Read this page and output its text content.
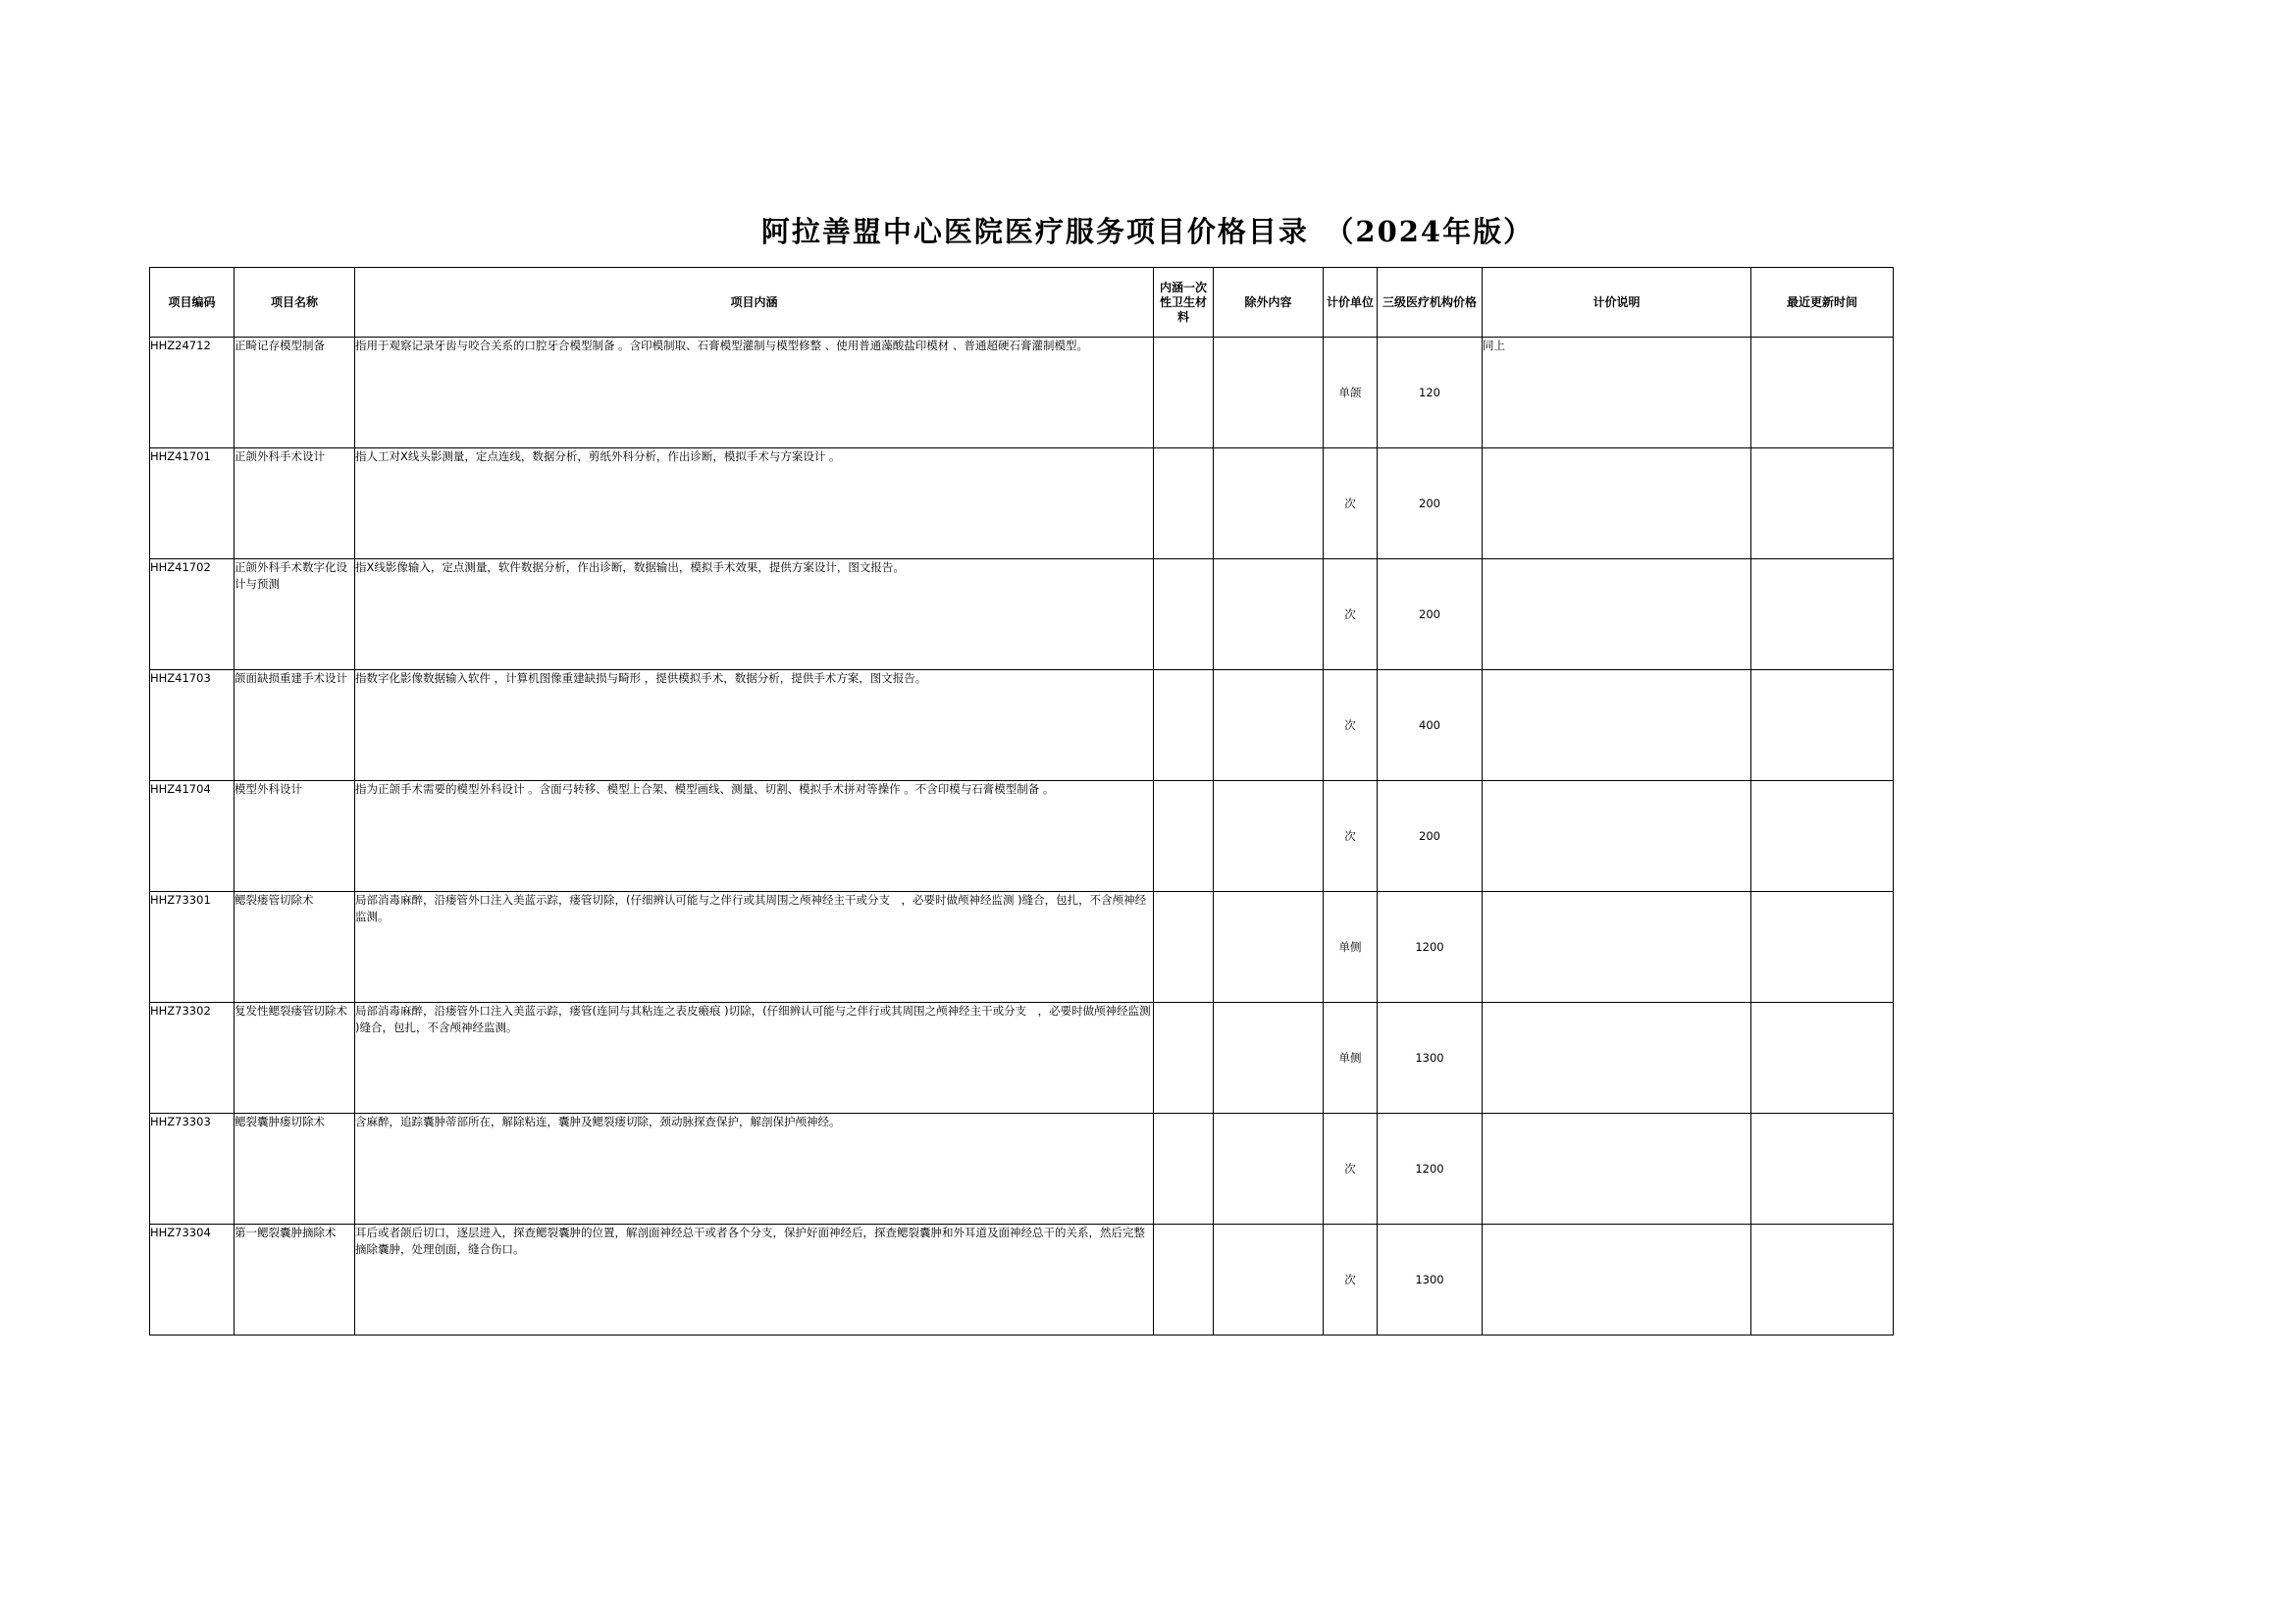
阿拉善盟中心医院医疗服务项目价格目录　（2024年版）
项目编码	项目名称	项目内涵	内涵一次性卫生材料	除外内容	计价单位	三级医疗机构价格	计价说明	最近更新时间
HHZ24712	正畸记存模型制备	指用于观察记录牙齿与咬合关系的口腔牙合模型制备 。含印模制取、石膏模型灌制与模型修整 、使用普通藻酸盐印模材 、普通超硬石膏灌制模型。			单颌	120	同上	
HHZ41701	正颌外科手术设计	指人工对X线头影测量，定点连线，数据分析，剪纸外科分析，作出诊断，模拟手术与方案设计 。			次	200		
HHZ41702	正颌外科手术数字化设计与预测	指X线影像输入，定点测量，软件数据分析，作出诊断，数据输出，模拟手术效果，提供方案设计，图文报告。			次	200		
HHZ41703	颌面缺损重建手术设计	指数字化影像数据输入软件 ，计算机图像重建缺损与畸形 ，提供模拟手术，数据分析，提供手术方案，图文报告。			次	400		
HHZ41704	模型外科设计	指为正颌手术需要的模型外科设计 。含面弓转移、模型上合架、模型画线、测量、切割、模拟手术拼对等操作 。不含印模与石膏模型制备 。			次	200		
HHZ73301	鳃裂瘘管切除术	局部消毒麻醉，沿瘘管外口注入美蓝示踪，瘘管切除，(仔细辨认可能与之伴行或其周围之颅神经主干或分支　，必要时做颅神经监测 )缝合，包扎，不含颅神经监测。			单侧	1200		
HHZ73302	复发性鳃裂瘘管切除术	局部消毒麻醉，沿瘘管外口注入美蓝示踪，瘘管(连同与其粘连之表皮瘢痕 )切除，(仔细辨认可能与之伴行或其周围之颅神经主干或分支　，必要时做颅神经监测 )缝合，包扎，不含颅神经监测。			单侧	1300		
HHZ73303	鳃裂囊肿瘘切除术	含麻醉，追踪囊肿蒂部所在，解除粘连，囊肿及鳃裂瘘切除，颈动脉探查保护，解剖保护颅神经。			次	1200		
HHZ73304	第一鳃裂囊肿摘除术	耳后或者颌后切口，逐层进入，探查鳃裂囊肿的位置，解剖面神经总干或者各个分支，保护好面神经后，探查鳃裂囊肿和外耳道及面神经总干的关系，然后完整摘除囊肿，处理创面，缝合伤口。			次	1300		
